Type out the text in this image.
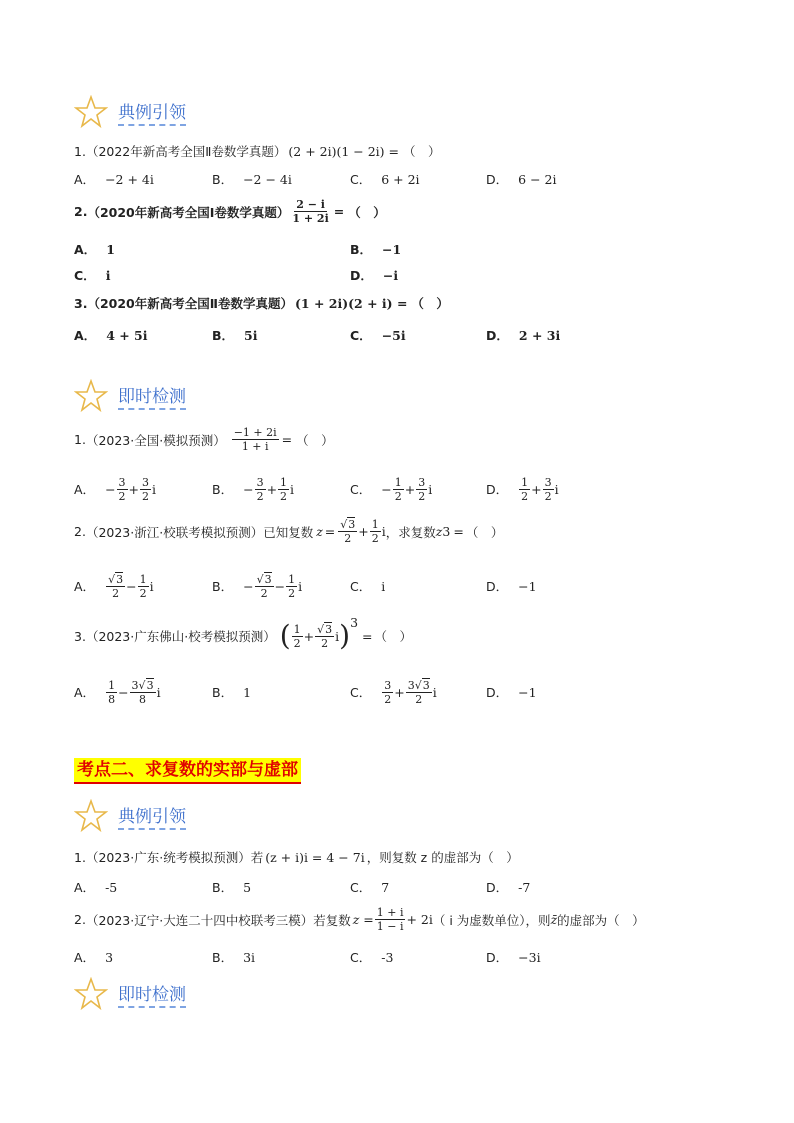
典例引领
1. （2022年新高考全国Ⅱ卷数学真题） (2 + 2i)(1 − 2i) = （　）
A． −2 + 4i	B． −2 − 4i	C． 6 + 2i	D． 6 − 2i
2. （2020年新高考全国Ⅰ卷数学真题） $\frac{2 - i}{1 + 2i}$ = （　）
A． 1	B． −1
C． i	D． −i
3. （2020年新高考全国Ⅱ卷数学真题） (1 + 2i)(2 + i) = （　）
A． 4 + 5i	B． 5i	C． −5i	D． 2 + 3i
即时检测
1. （2023·全国·模拟预测） $\frac{-1 + 2i}{1 + i}$ = （　）
A． − $\frac{3}{2} + \frac{3}{2}$ i	B． − $\frac{3}{2} + \frac{1}{2}$ i	C． − $\frac{1}{2} + \frac{3}{2}$ i	D． $\frac{1}{2} + \frac{3}{2}$ i
2. （2023·浙江·校联考模拟预测）已知复数 $z = \frac{√3}{2} + \frac{1}{2}$ i ，求复数 z 3 = （　）
A． $\frac{√3}{2} - \frac{1}{2}$ i	B． − $\frac{√3}{2} - \frac{1}{2}$ i	C． i	D． −1
3. （2023·广东佛山·校考模拟预测） ( $\frac{1}{2} + \frac{√3}{2}$ i )$^3$
= （　）
A． $\frac{1}{8} - \frac{3√3}{8}$ i	B． 1	C． $\frac{3}{2} + \frac{3√3}{2}$ i	D． −1
考点二、求复数的实部与虚部
典例引领
1. （2023·广东·统考模拟预测）若 (z + i)i = 4 − 7i ，则复数 z 的虚部为（　）
A． -5	B． 5	C． 7	D． -7
2. （2023·辽宁·大连二十四中校联考三模）若复数 $z = \frac{1 + i}{1 - i} + 2i$ （ i 为虚数单位），则 z̄ 的虚部为（　）
A． 3	B． 3i	C． -3	D． −3i
即时检测
